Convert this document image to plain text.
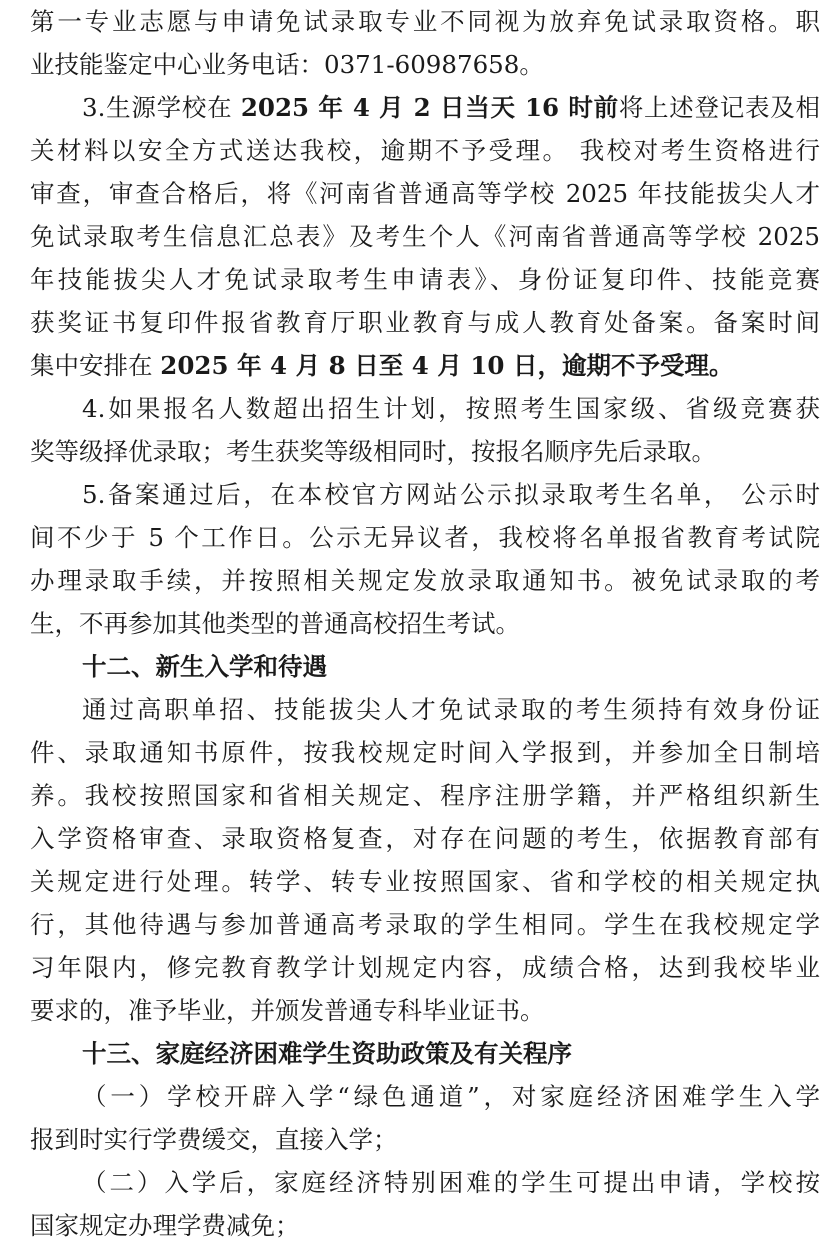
第一专业志愿与申请免试录取专业不同视为放弃免试录取资格。职
业技能鉴定中心业务电话：0371-60987658。
3.生源学校在 2025 年 4 月 2 日当天 16 时前将上述登记表及相
关材料以安全方式送达我校，逾期不予受理。 我校对考生资格进行
审查，审查合格后，将《河南省普通高等学校 2025 年技能拔尖人才
免试录取考生信息汇总表》及考生个人《河南省普通高等学校 2025
年技能拔尖人才免试录取考生申请表》、身份证复印件、技能竞赛
获奖证书复印件报省教育厅职业教育与成人教育处备案。备案时间
集中安排在 2025 年 4 月 8 日至 4 月 10 日，逾期不予受理。
4.如果报名人数超出招生计划，按照考生国家级、省级竞赛获
奖等级择优录取；考生获奖等级相同时，按报名顺序先后录取。
5.备案通过后，在本校官方网站公示拟录取考生名单， 公示时
间不少于 5 个工作日。公示无异议者，我校将名单报省教育考试院
办理录取手续，并按照相关规定发放录取通知书。被免试录取的考
生，不再参加其他类型的普通高校招生考试。
十二、新生入学和待遇
通过高职单招、技能拔尖人才免试录取的考生须持有效身份证
件、录取通知书原件，按我校规定时间入学报到，并参加全日制培
养。我校按照国家和省相关规定、程序注册学籍，并严格组织新生
入学资格审查、录取资格复查，对存在问题的考生，依据教育部有
关规定进行处理。转学、转专业按照国家、省和学校的相关规定执
行，其他待遇与参加普通高考录取的学生相同。学生在我校规定学
习年限内，修完教育教学计划规定内容，成绩合格，达到我校毕业
要求的，准予毕业，并颁发普通专科毕业证书。
十三、家庭经济困难学生资助政策及有关程序
（一）学校开辟入学“绿色通道”，对家庭经济困难学生入学
报到时实行学费缓交，直接入学；
（二）入学后，家庭经济特别困难的学生可提出申请，学校按
国家规定办理学费减免；
